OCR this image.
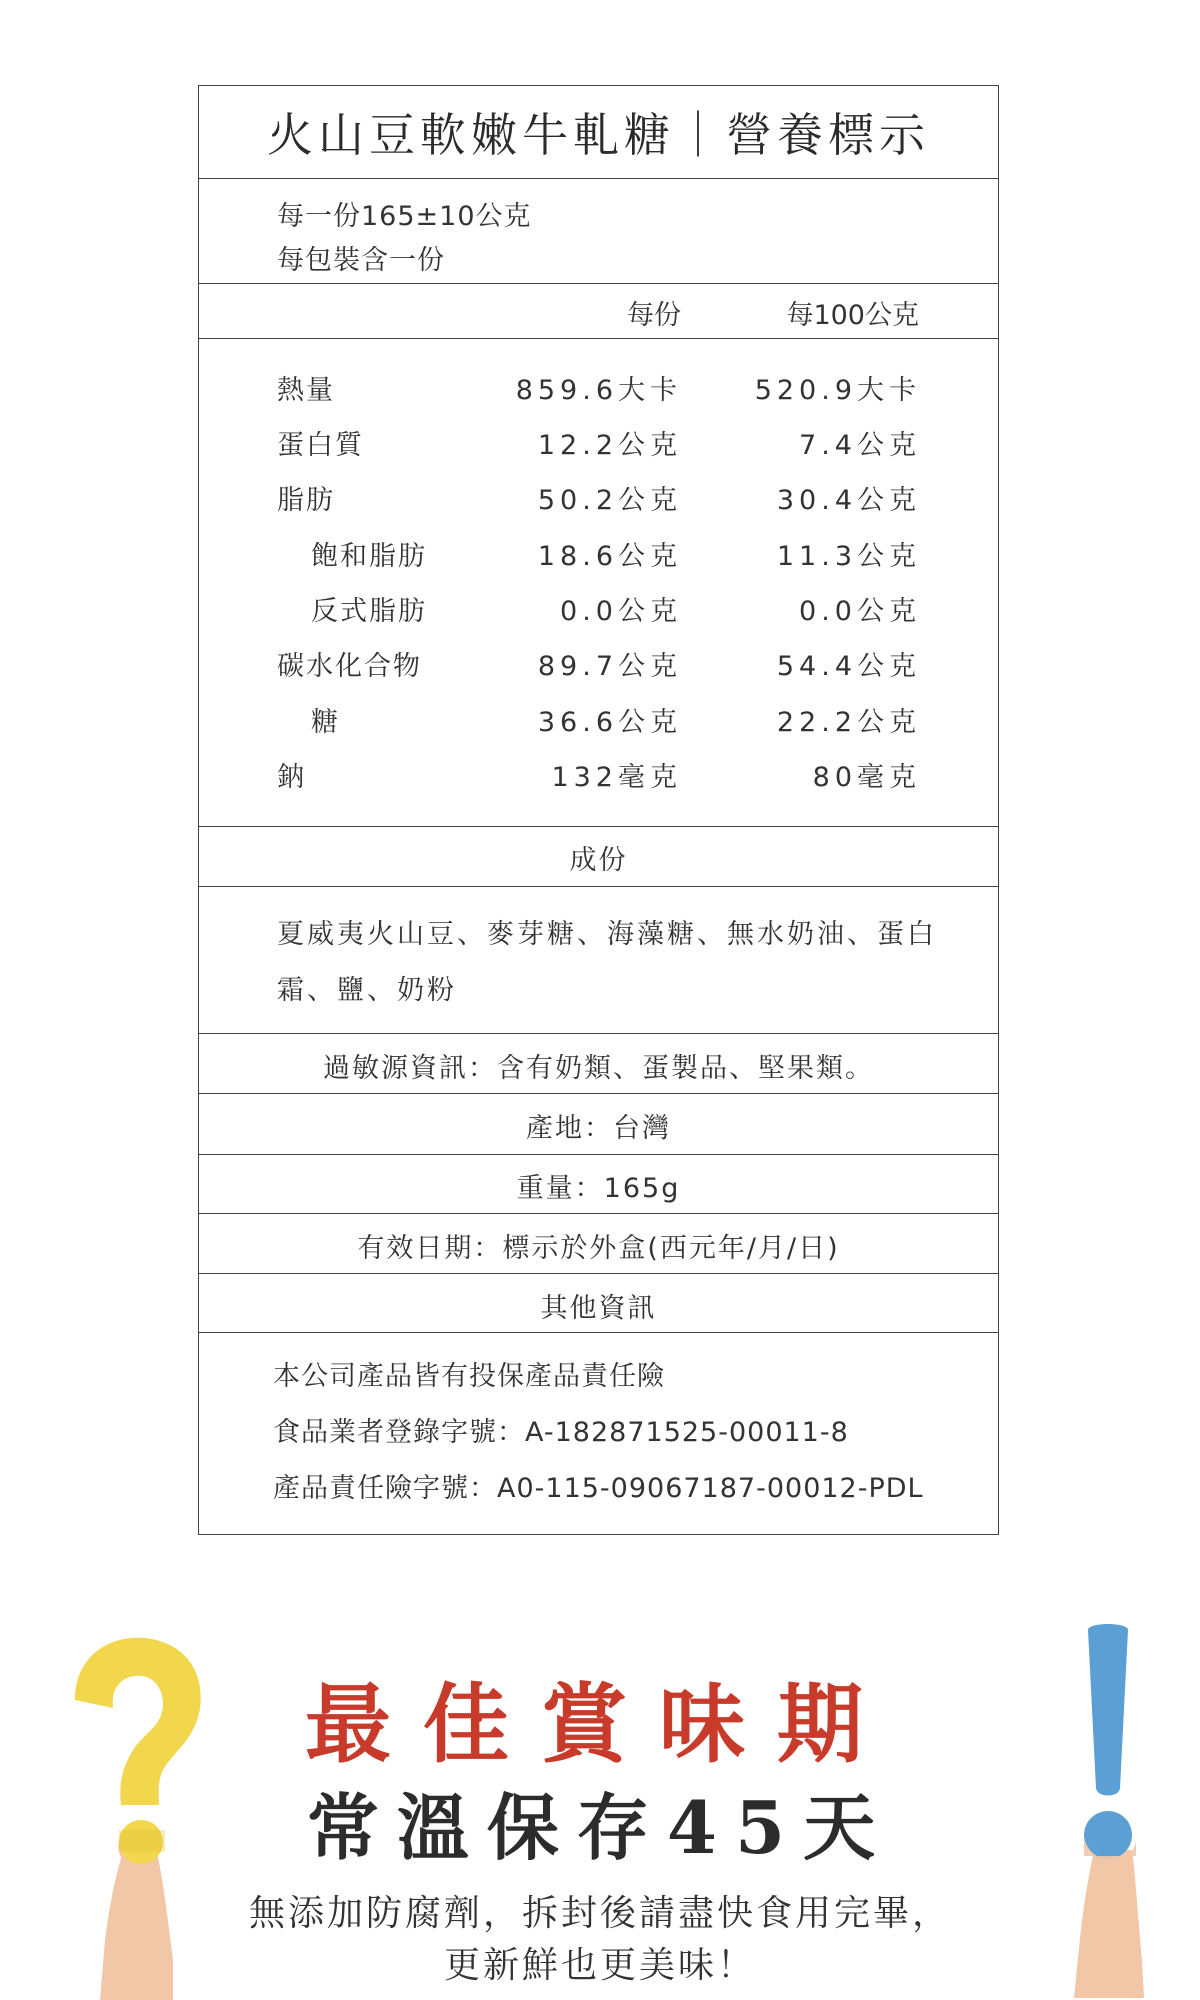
火山豆軟嫩牛軋糖｜營養標示
每一份165±10公克
每包裝含一份
每份	每100公克
熱量	859.6大卡	520.9大卡
蛋白質	12.2公克	7.4公克
脂肪	50.2公克	30.4公克
飽和脂肪	18.6公克	11.3公克
反式脂肪	0.0公克	0.0公克
碳水化合物	89.7公克	54.4公克
糖	36.6公克	22.2公克
鈉	132毫克	80毫克
成份
夏威夷火山豆、麥芽糖、海藻糖、無水奶油、蛋白
霜、鹽、奶粉
過敏源資訊：含有奶類、蛋製品、堅果類。
產地：台灣
重量：165g
有效日期：標示於外盒(西元年/月/日)
其他資訊
本公司產品皆有投保產品責任險
食品業者登錄字號：A-182871525-00011-8
產品責任險字號：A0-115-09067187-00012-PDL
最佳賞味期
常溫保存45天
無添加防腐劑，拆封後請盡快食用完畢，
更新鮮也更美味！
